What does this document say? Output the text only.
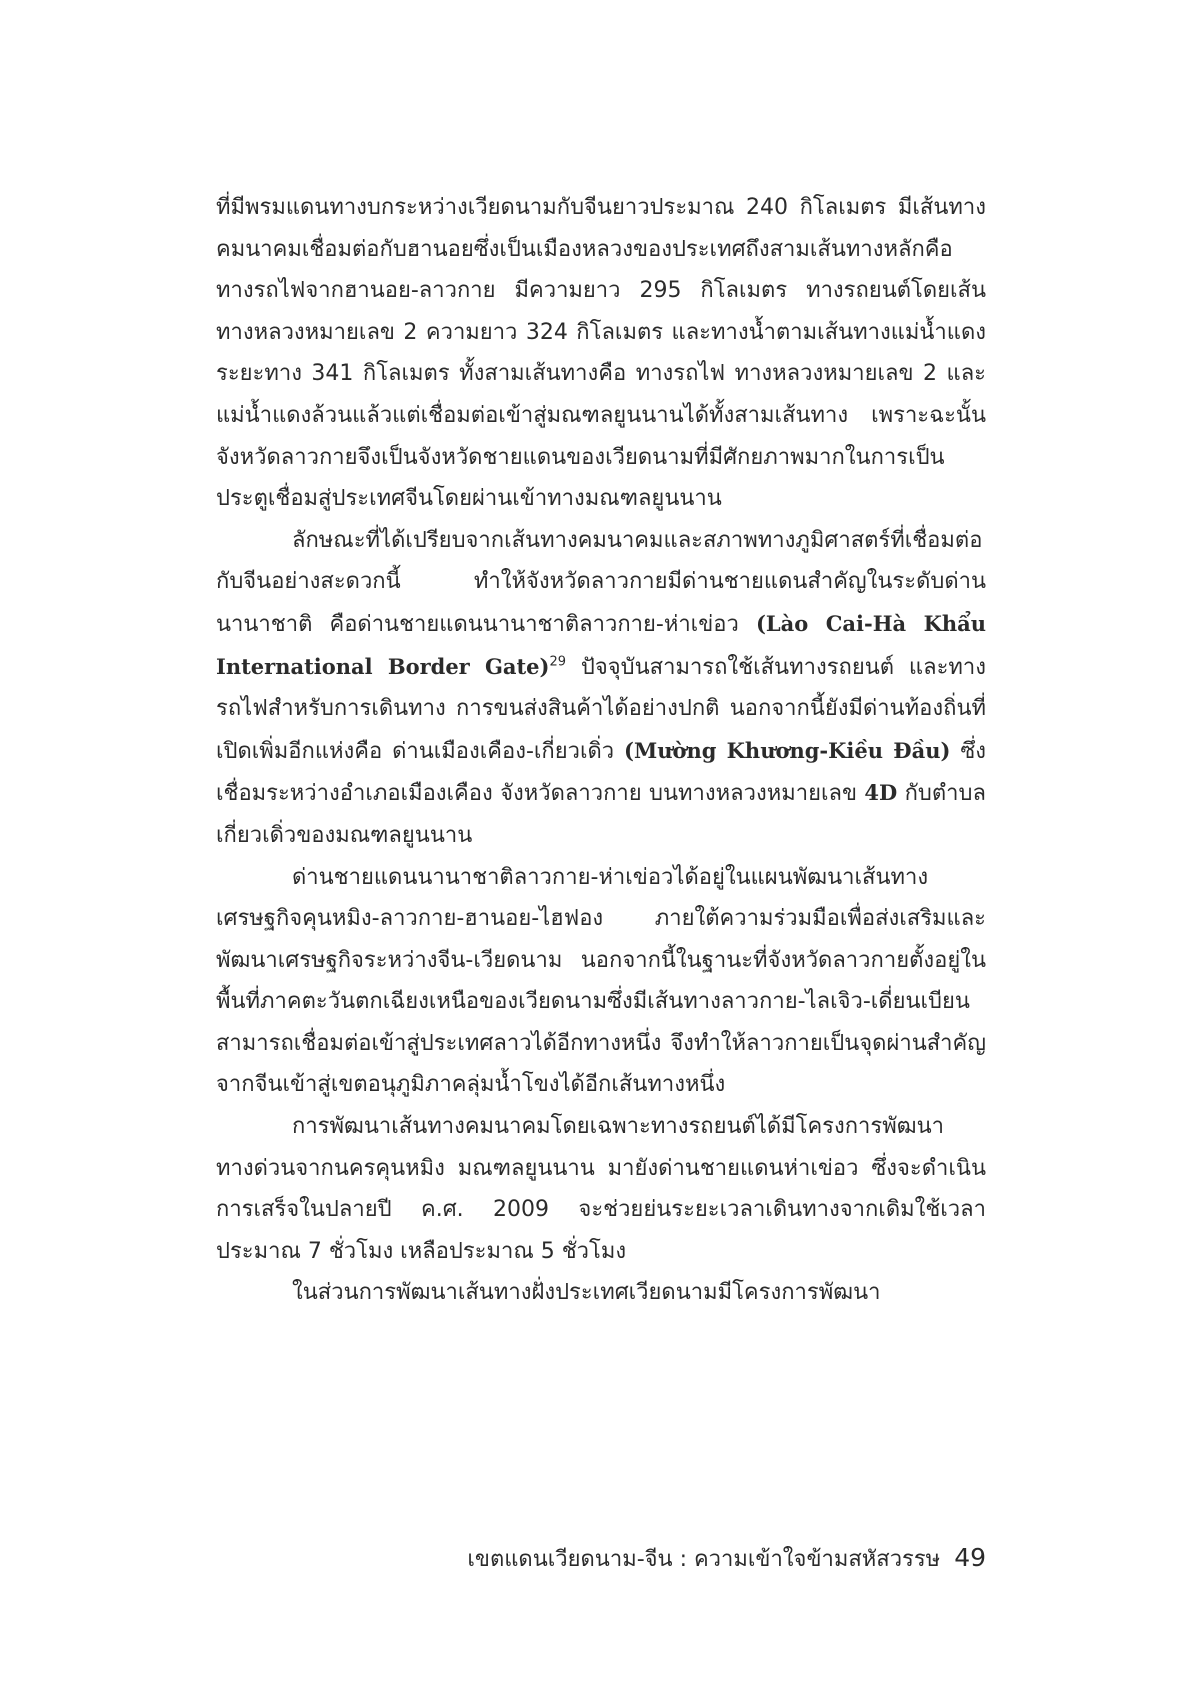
ที่มีพรมแดนทางบกระหว่างเวียดนามกับจีนยาวประมาณ 240 กิโลเมตร มีเส้นทางคมนาคมเชื่อมต่อกับฮานอยซึ่งเป็นเมืองหลวงของประเทศถึงสามเส้นทางหลักคือ ทางรถไฟจากฮานอย-ลาวกาย มีความยาว 295 กิโลเมตร ทางรถยนต์โดยเส้นทางหลวงหมายเลข 2 ความยาว 324 กิโลเมตร และทางน้ำตามเส้นทางแม่น้ำแดง ระยะทาง 341 กิโลเมตร ทั้งสามเส้นทางคือ ทางรถไฟ ทางหลวงหมายเลข 2 และแม่น้ำแดงล้วนแล้วแต่เชื่อมต่อเข้าสู่มณฑลยูนนานได้ทั้งสามเส้นทาง เพราะฉะนั้นจังหวัดลาวกายจึงเป็นจังหวัดชายแดนของเวียดนามที่มีศักยภาพมากในการเป็นประตูเชื่อมสู่ประเทศจีนโดยผ่านเข้าทางมณฑลยูนนาน

ลักษณะที่ได้เปรียบจากเส้นทางคมนาคมและสภาพทางภูมิศาสตร์ที่เชื่อมต่อกับจีนอย่างสะดวกนี้ ทำให้จังหวัดลาวกายมีด่านชายแดนสำคัญในระดับด่านนานาชาติ คือด่านชายแดนนานาชาติลาวกาย-ห่าเข่อว (Lào Cai-Hà Khẩu International Border Gate)$^{29}$ ปัจจุบันสามารถใช้เส้นทางรถยนต์ และทางรถไฟสำหรับการเดินทาง การขนส่งสินค้าได้อย่างปกติ นอกจากนี้ยังมีด่านท้องถิ่นที่เปิดเพิ่มอีกแห่งคือ ด่านเมืองเคือง-เกี่ยวเดิ่ว (Mường Khương-Kiều Đầu) ซึ่งเชื่อมระหว่างอำเภอเมืองเคือง จังหวัดลาวกาย บนทางหลวงหมายเลข 4D กับตำบลเกี่ยวเดิ่วของมณฑลยูนนาน

ด่านชายแดนนานาชาติลาวกาย-ห่าเข่อวได้อยู่ในแผนพัฒนาเส้นทางเศรษฐกิจคุนหมิง-ลาวกาย-ฮานอย-ไฮฟอง ภายใต้ความร่วมมือเพื่อส่งเสริมและพัฒนาเศรษฐกิจระหว่างจีน-เวียดนาม นอกจากนี้ในฐานะที่จังหวัดลาวกายตั้งอยู่ในพื้นที่ภาคตะวันตกเฉียงเหนือของเวียดนามซึ่งมีเส้นทางลาวกาย-ไลเจิว-เดี่ยนเบียน สามารถเชื่อมต่อเข้าสู่ประเทศลาวได้อีกทางหนึ่ง จึงทำให้ลาวกายเป็นจุดผ่านสำคัญจากจีนเข้าสู่เขตอนุภูมิภาคลุ่มน้ำโขงได้อีกเส้นทางหนึ่ง

การพัฒนาเส้นทางคมนาคมโดยเฉพาะทางรถยนต์ได้มีโครงการพัฒนาทางด่วนจากนครคุนหมิง มณฑลยูนนาน มายังด่านชายแดนห่าเข่อว ซึ่งจะดำเนินการเสร็จในปลายปี ค.ศ. 2009 จะช่วยย่นระยะเวลาเดินทางจากเดิมใช้เวลาประมาณ 7 ชั่วโมง เหลือประมาณ 5 ชั่วโมง

ในส่วนการพัฒนาเส้นทางฝั่งประเทศเวียดนามมีโครงการพัฒนา

เขตแดนเวียดนาม-จีน : ความเข้าใจข้ามสหัสวรรษ 49
